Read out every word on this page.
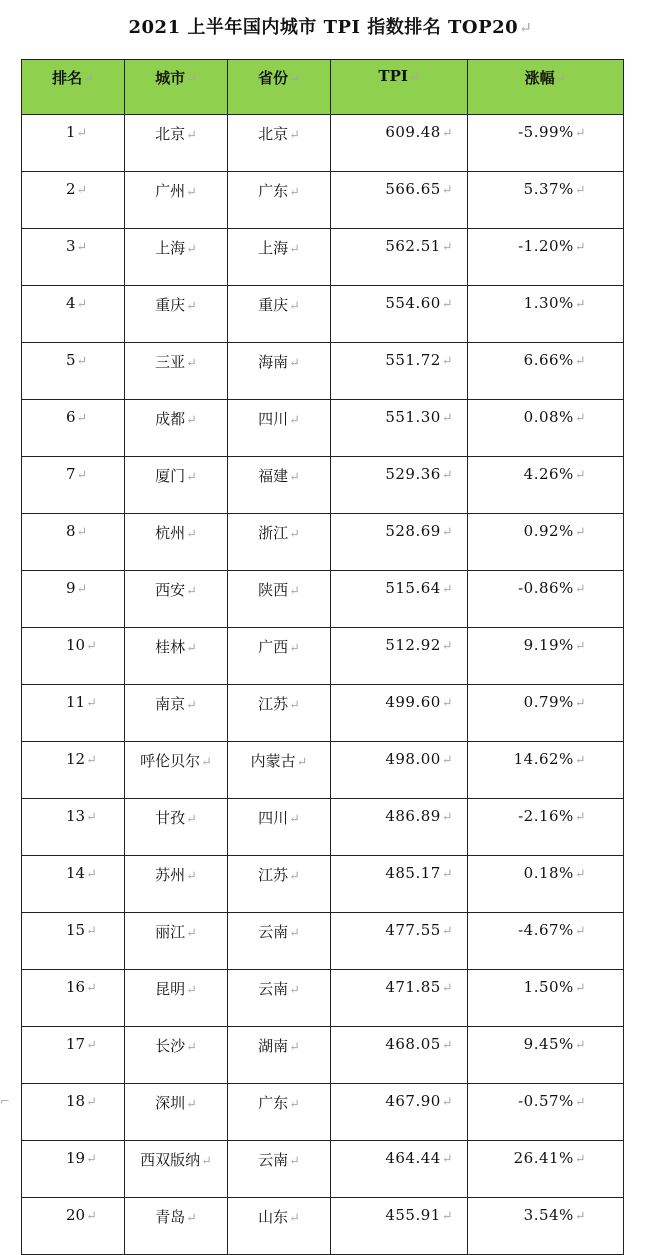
2021 上半年国内城市 TPI 指数排名 TOP20↵
排名↵	城市↵	省份↵	TPI↵	涨幅↵
1↵	北京↵	北京↵	609.48↵	-5.99%↵
2↵	广州↵	广东↵	566.65↵	5.37%↵
3↵	上海↵	上海↵	562.51↵	-1.20%↵
4↵	重庆↵	重庆↵	554.60↵	1.30%↵
5↵	三亚↵	海南↵	551.72↵	6.66%↵
6↵	成都↵	四川↵	551.30↵	0.08%↵
7↵	厦门↵	福建↵	529.36↵	4.26%↵
8↵	杭州↵	浙江↵	528.69↵	0.92%↵
9↵	西安↵	陕西↵	515.64↵	-0.86%↵
10↵	桂林↵	广西↵	512.92↵	9.19%↵
11↵	南京↵	江苏↵	499.60↵	0.79%↵
12↵	呼伦贝尔↵	内蒙古↵	498.00↵	14.62%↵
13↵	甘孜↵	四川↵	486.89↵	-2.16%↵
14↵	苏州↵	江苏↵	485.17↵	0.18%↵
15↵	丽江↵	云南↵	477.55↵	-4.67%↵
16↵	昆明↵	云南↵	471.85↵	1.50%↵
17↵	长沙↵	湖南↵	468.05↵	9.45%↵
18↵	深圳↵	广东↵	467.90↵	-0.57%↵
19↵	西双版纳↵	云南↵	464.44↵	26.41%↵
20↵	青岛↵	山东↵	455.91↵	3.54%↵
⌐
